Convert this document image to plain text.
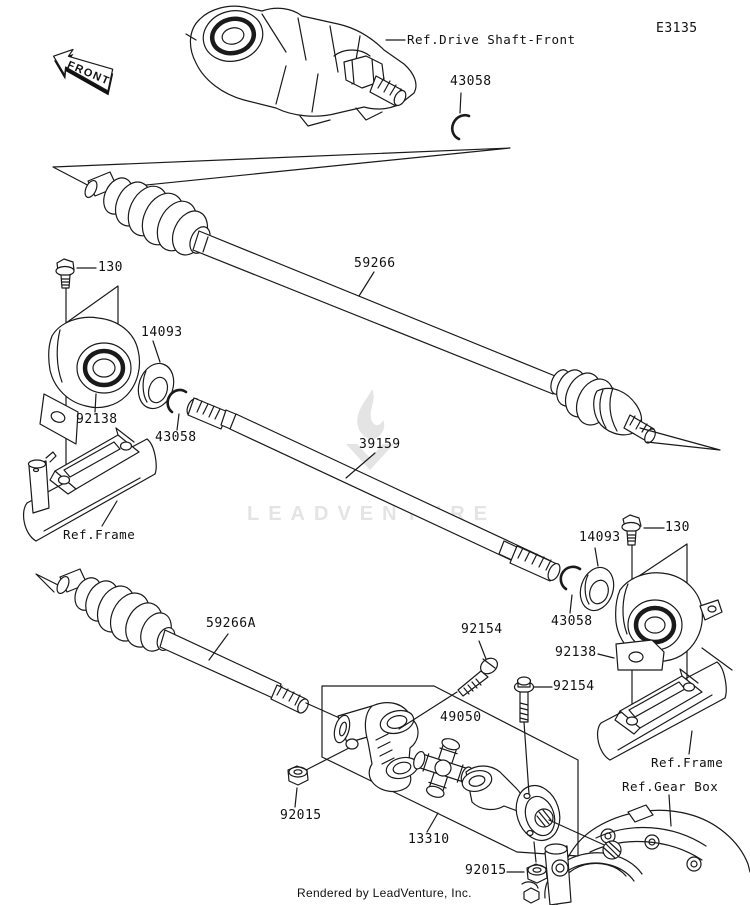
LEADVENTURE
FRONT
E3135
Ref.Drive Shaft-Front
43058
130	59266
14093
92138
43058	39159
Ref.Frame	14093
130
43058
92138
92154
92154
59266A
49050
92015
13310
92015
Ref.Frame
Ref.Gear Box
Rendered by LeadVenture, Inc.
